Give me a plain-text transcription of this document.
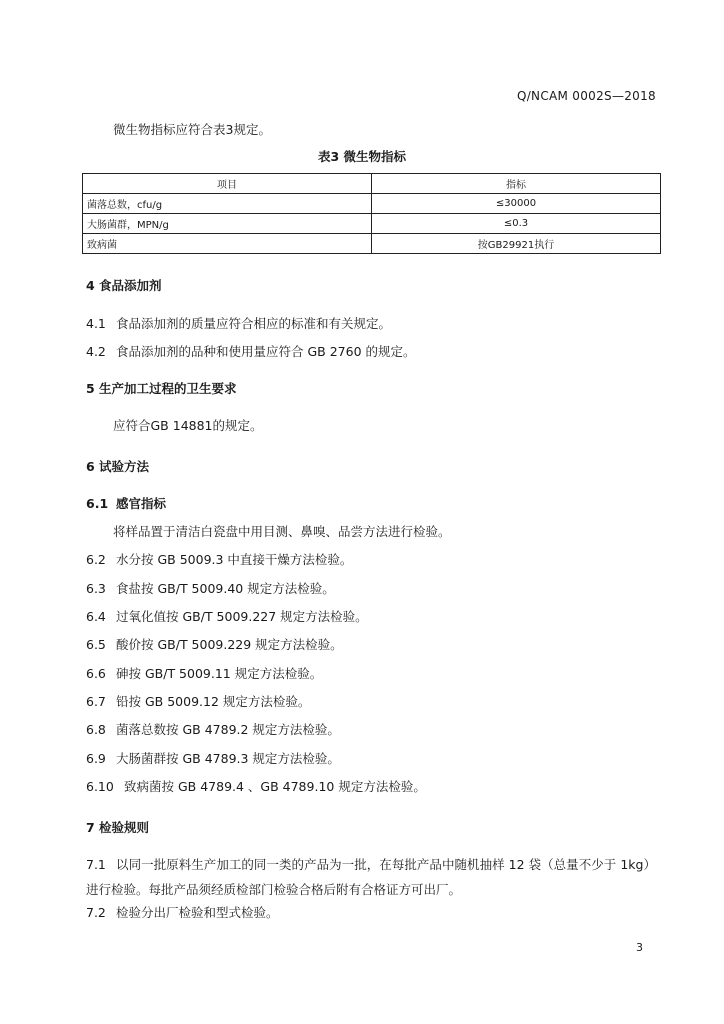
Q/NCAM 0002S—2018
微生物指标应符合表3规定。
表3 微生物指标
项目	指标
菌落总数，cfu/g	≤30000
大肠菌群，MPN/g	≤0.3
致病菌	按GB29921执行
4 食品添加剂
4.1 食品添加剂的质量应符合相应的标准和有关规定。
4.2 食品添加剂的品种和使用量应符合 GB 2760 的规定。
5 生产加工过程的卫生要求
应符合GB 14881的规定。
6 试验方法
6.1 感官指标
将样品置于清洁白瓷盘中用目测、鼻嗅、品尝方法进行检验。
6.2 水分按 GB 5009.3 中直接干燥方法检验。
6.3 食盐按 GB/T 5009.40 规定方法检验。
6.4 过氧化值按 GB/T 5009.227 规定方法检验。
6.5 酸价按 GB/T 5009.229 规定方法检验。
6.6 砷按 GB/T 5009.11 规定方法检验。
6.7 铅按 GB 5009.12 规定方法检验。
6.8 菌落总数按 GB 4789.2 规定方法检验。
6.9 大肠菌群按 GB 4789.3 规定方法检验。
6.10 致病菌按 GB 4789.4 、GB 4789.10 规定方法检验。
7 检验规则
7.1 以同一批原料生产加工的同一类的产品为一批，在每批产品中随机抽样 12 袋（总量不少于 1kg）进行检验。每批产品须经质检部门检验合格后附有合格证方可出厂。
7.2 检验分出厂检验和型式检验。
3
